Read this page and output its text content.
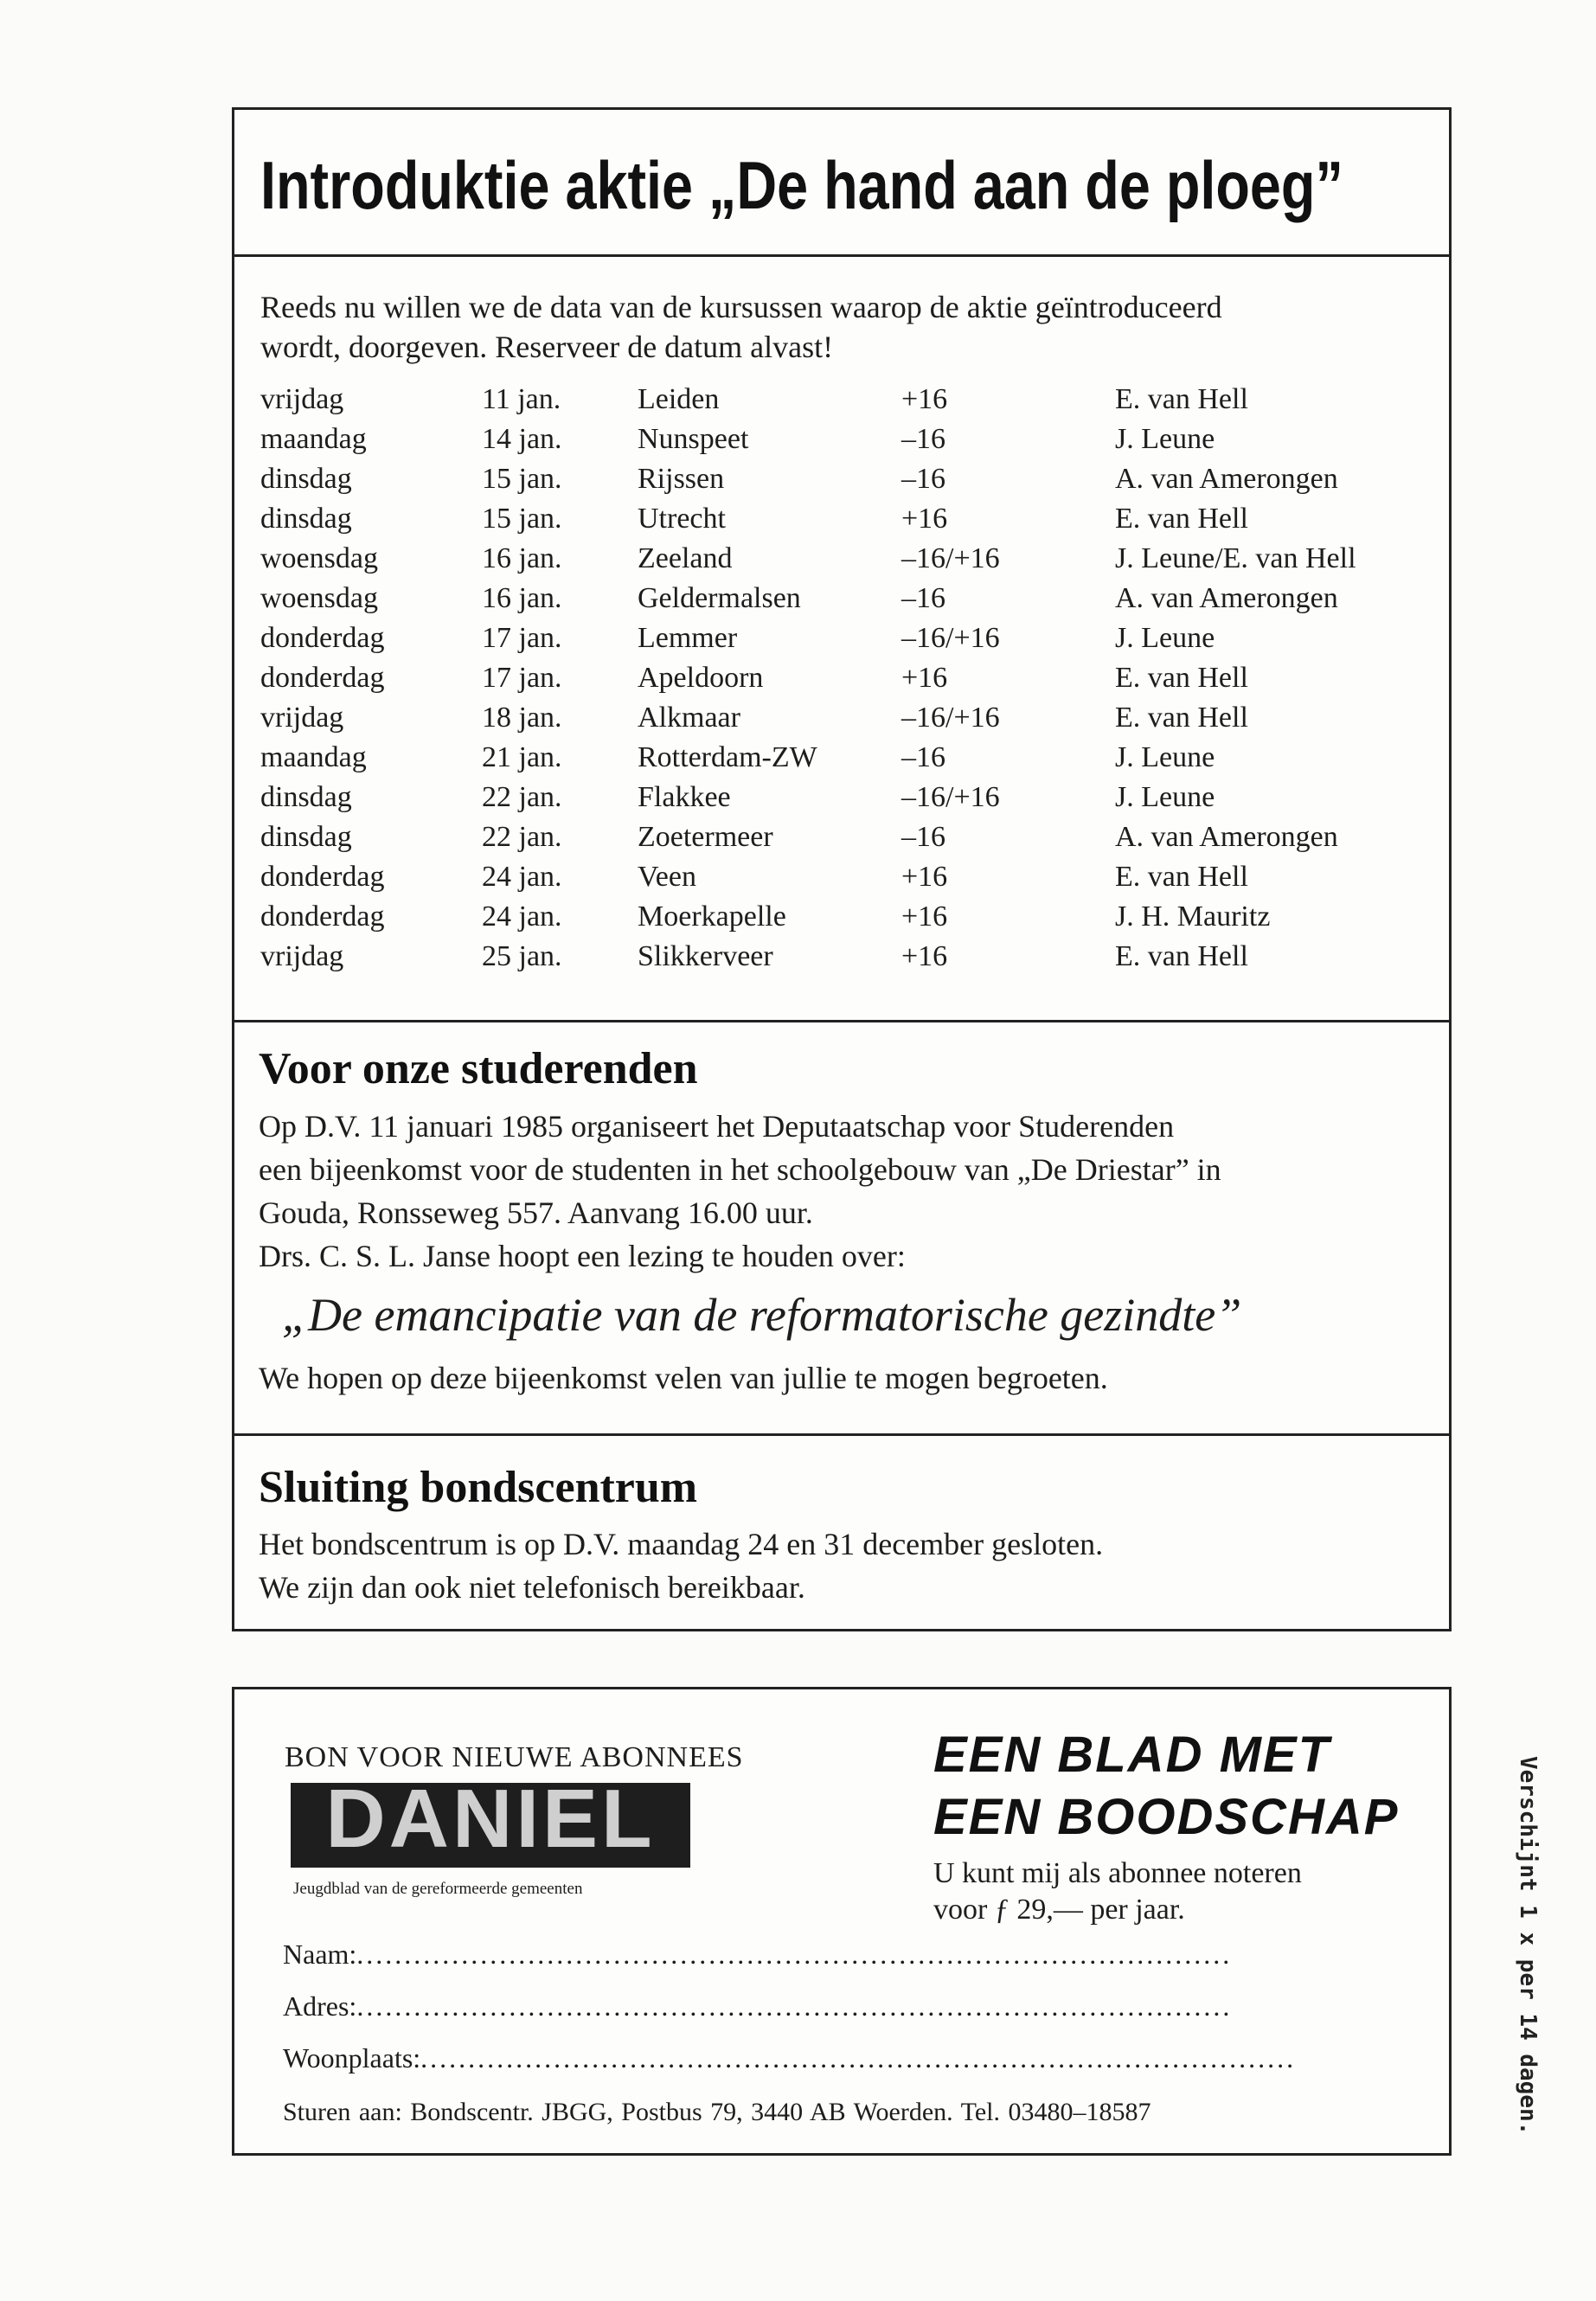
Introduktie aktie „De hand aan de ploeg”
Reeds nu willen we de data van de kursussen waarop de aktie geïntroduceerd
wordt, doorgeven. Reserveer de datum alvast!
vrijdag	11 jan.	Leiden	+16	E. van Hell
maandag	14 jan.	Nunspeet	–16	J. Leune
dinsdag	15 jan.	Rijssen	–16	A. van Amerongen
dinsdag	15 jan.	Utrecht	+16	E. van Hell
woensdag	16 jan.	Zeeland	–16/+16	J. Leune/E. van Hell
woensdag	16 jan.	Geldermalsen	–16	A. van Amerongen
donderdag	17 jan.	Lemmer	–16/+16	J. Leune
donderdag	17 jan.	Apeldoorn	+16	E. van Hell
vrijdag	18 jan.	Alkmaar	–16/+16	E. van Hell
maandag	21 jan.	Rotterdam-ZW	–16	J. Leune
dinsdag	22 jan.	Flakkee	–16/+16	J. Leune
dinsdag	22 jan.	Zoetermeer	–16	A. van Amerongen
donderdag	24 jan.	Veen	+16	E. van Hell
donderdag	24 jan.	Moerkapelle	+16	J. H. Mauritz
vrijdag	25 jan.	Slikkerveer	+16	E. van Hell
Voor onze studerenden
Op D.V. 11 januari 1985 organiseert het Deputaatschap voor Studerenden
een bijeenkomst voor de studenten in het schoolgebouw van „De Driestar” in
Gouda, Ronsseweg 557. Aanvang 16.00 uur.
Drs. C. S. L. Janse hoopt een lezing te houden over:
„De emancipatie van de reformatorische gezindte”
We hopen op deze bijeenkomst velen van jullie te mogen begroeten.
Sluiting bondscentrum
Het bondscentrum is op D.V. maandag 24 en 31 december gesloten.
We zijn dan ook niet telefonisch bereikbaar.
BON VOOR NIEUWE ABONNEES
DANIEL
Jeugdblad van de gereformeerde gemeenten
EEN BLAD MET
EEN BOODSCHAP
U kunt mij als abonnee noteren
voor ƒ 29,— per jaar.
Naam:............................................................................................
Adres:............................................................................................
Woonplaats:............................................................................................
Sturen aan: Bondscentr. JBGG, Postbus 79, 3440 AB Woerden. Tel. 03480–18587	Verschijnt 1 x per 14 dagen.
